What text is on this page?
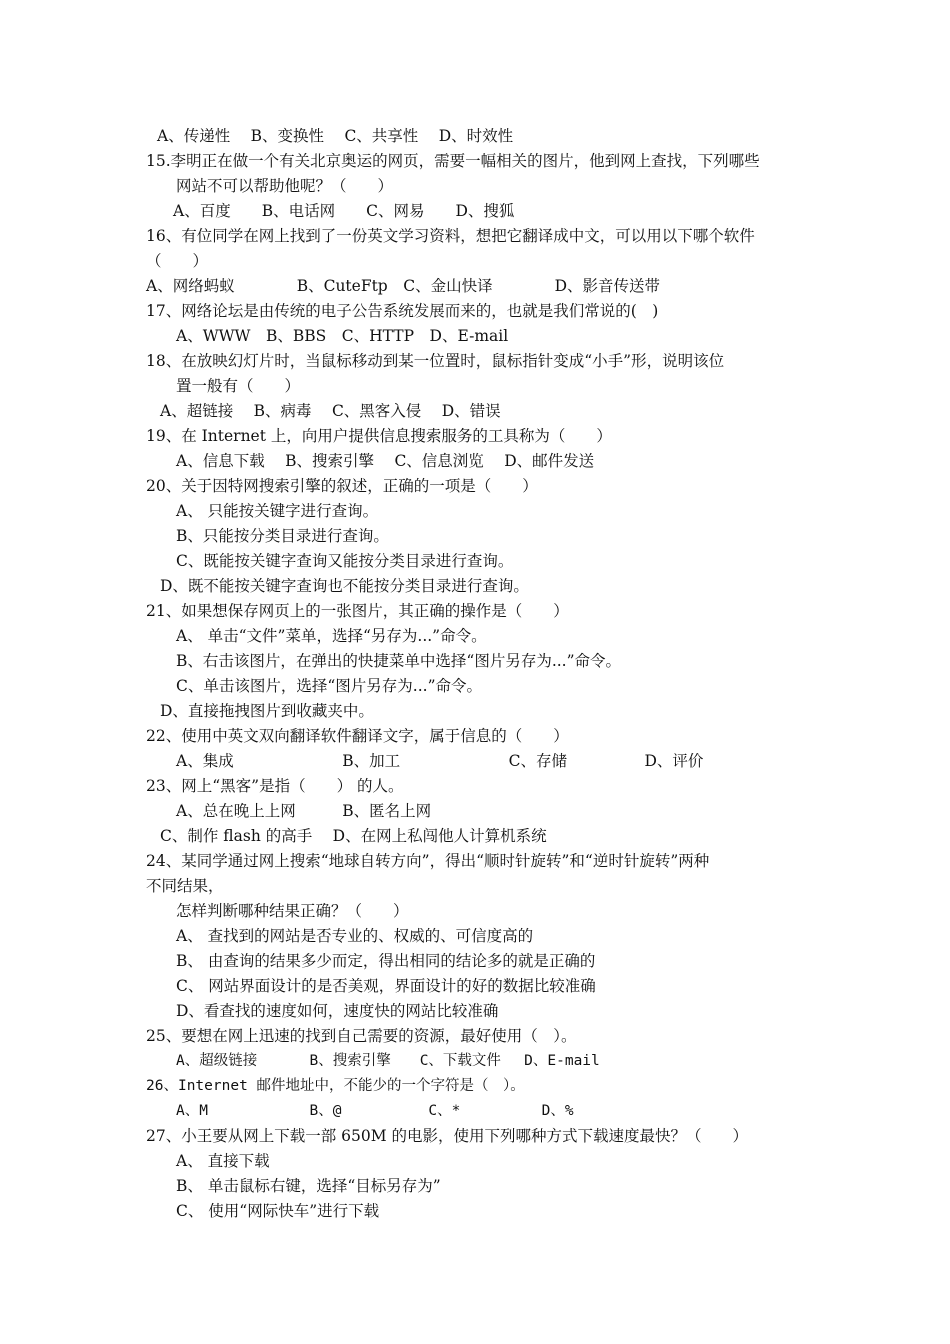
A、传递性　 B、变换性　 C、共享性　 D、时效性
15.李明正在做一个有关北京奥运的网页，需要一幅相关的图片，他到网上查找，下列哪些
网站不可以帮助他呢？（　　）
A、百度　　B、电话网　　C、网易　　D、搜狐
16、有位同学在网上找到了一份英文学习资料，想把它翻译成中文，可以用以下哪个软件
（　　）
A、网络蚂蚁　　　　B、CuteFtp　C、金山快译　　　　D、影音传送带
17、网络论坛是由传统的电子公告系统发展而来的，也就是我们常说的(　)
A、WWW　B、BBS　C、HTTP　D、E-mail
18、在放映幻灯片时，当鼠标移动到某一位置时，鼠标指针变成“小手”形，说明该位
置一般有（　　）
A、超链接　 B、病毒　 C、黑客入侵　 D、错误
19、在 Internet 上，向用户提供信息搜索服务的工具称为（　　）
A、信息下载　 B、搜索引擎　 C、信息浏览　 D、邮件发送
20、关于因特网搜索引擎的叙述，正确的一项是（　　）
A、 只能按关键字进行查询。
B、只能按分类目录进行查询。
C、既能按关键字查询又能按分类目录进行查询。
D、既不能按关键字查询也不能按分类目录进行查询。
21、如果想保存网页上的一张图片，其正确的操作是（　　）
A、 单击“文件”菜单，选择“另存为...”命令。
B、右击该图片，在弹出的快捷菜单中选择“图片另存为...”命令。
C、单击该图片，选择“图片另存为...”命令。
D、直接拖拽图片到收藏夹中。
22、使用中英文双向翻译软件翻译文字，属于信息的（　　）
A、集成　　　　　　　B、加工　　　　　　　C、存储　　　　　D、评价
23、网上“黑客”是指（　　） 的人。
A、总在晚上上网　　　B、匿名上网
C、制作 flash 的高手　 D、在网上私闯他人计算机系统
24、某同学通过网上搜索“地球自转方向”，得出“顺时针旋转”和“逆时针旋转”两种
不同结果，
怎样判断哪种结果正确？（　　）
A、 查找到的网站是否专业的、权威的、可信度高的
B、 由查询的结果多少而定，得出相同的结论多的就是正确的
C、 网站界面设计的是否美观，界面设计的好的数据比较准确
D、看查找的速度如何，速度快的网站比较准确
25、要想在网上迅速的找到自己需要的资源，最好使用（　）。
A、超级链接　　　 B、搜索引擎　　C、下载文件　 D、E-mail
26、Internet 邮件地址中，不能少的一个字符是（　）。
A、M　　　　　　　B、@　　　　　　C、*　　　　　 D、%
27、小王要从网上下载一部 650M 的电影，使用下列哪种方式下载速度最快？（　　）
A、 直接下载
B、 单击鼠标右键，选择“目标另存为”
C、 使用“网际快车”进行下载
